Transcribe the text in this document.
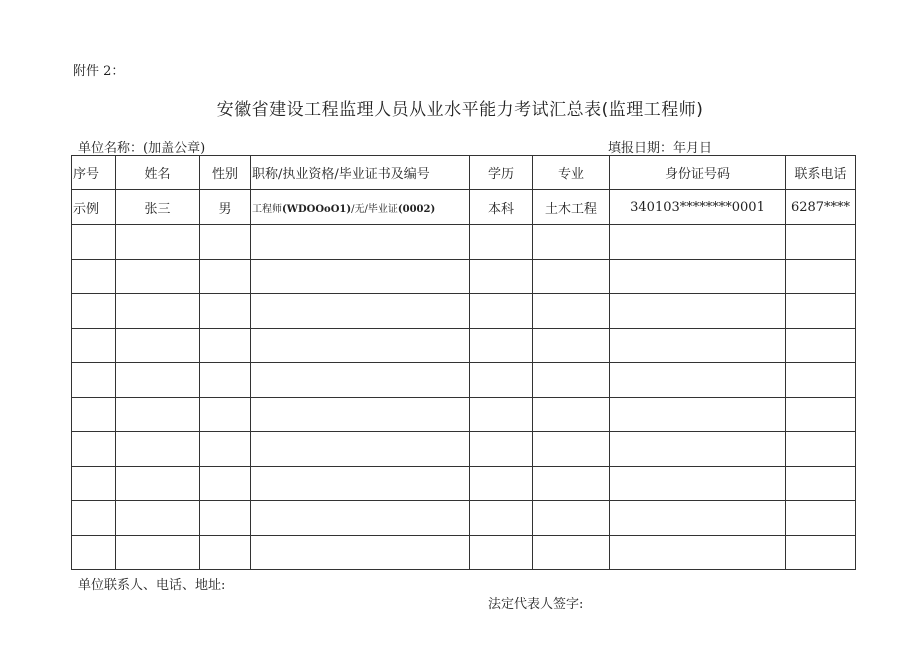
附件 2：
安徽省建设工程监理人员从业水平能力考试汇总表(监理工程师)
单位名称：(加盖公章)	填报日期：年月日
序号	姓名	性别	职称/执业资格/毕业证书及编号	学历	专业	身份证号码	联系电话
示例	张三	男	工程师(WDOOoO1)/无/毕业证(0002)	本科	土木工程	340103********0001	6287****

单位联系人、电话、地址:
法定代表人签字:
